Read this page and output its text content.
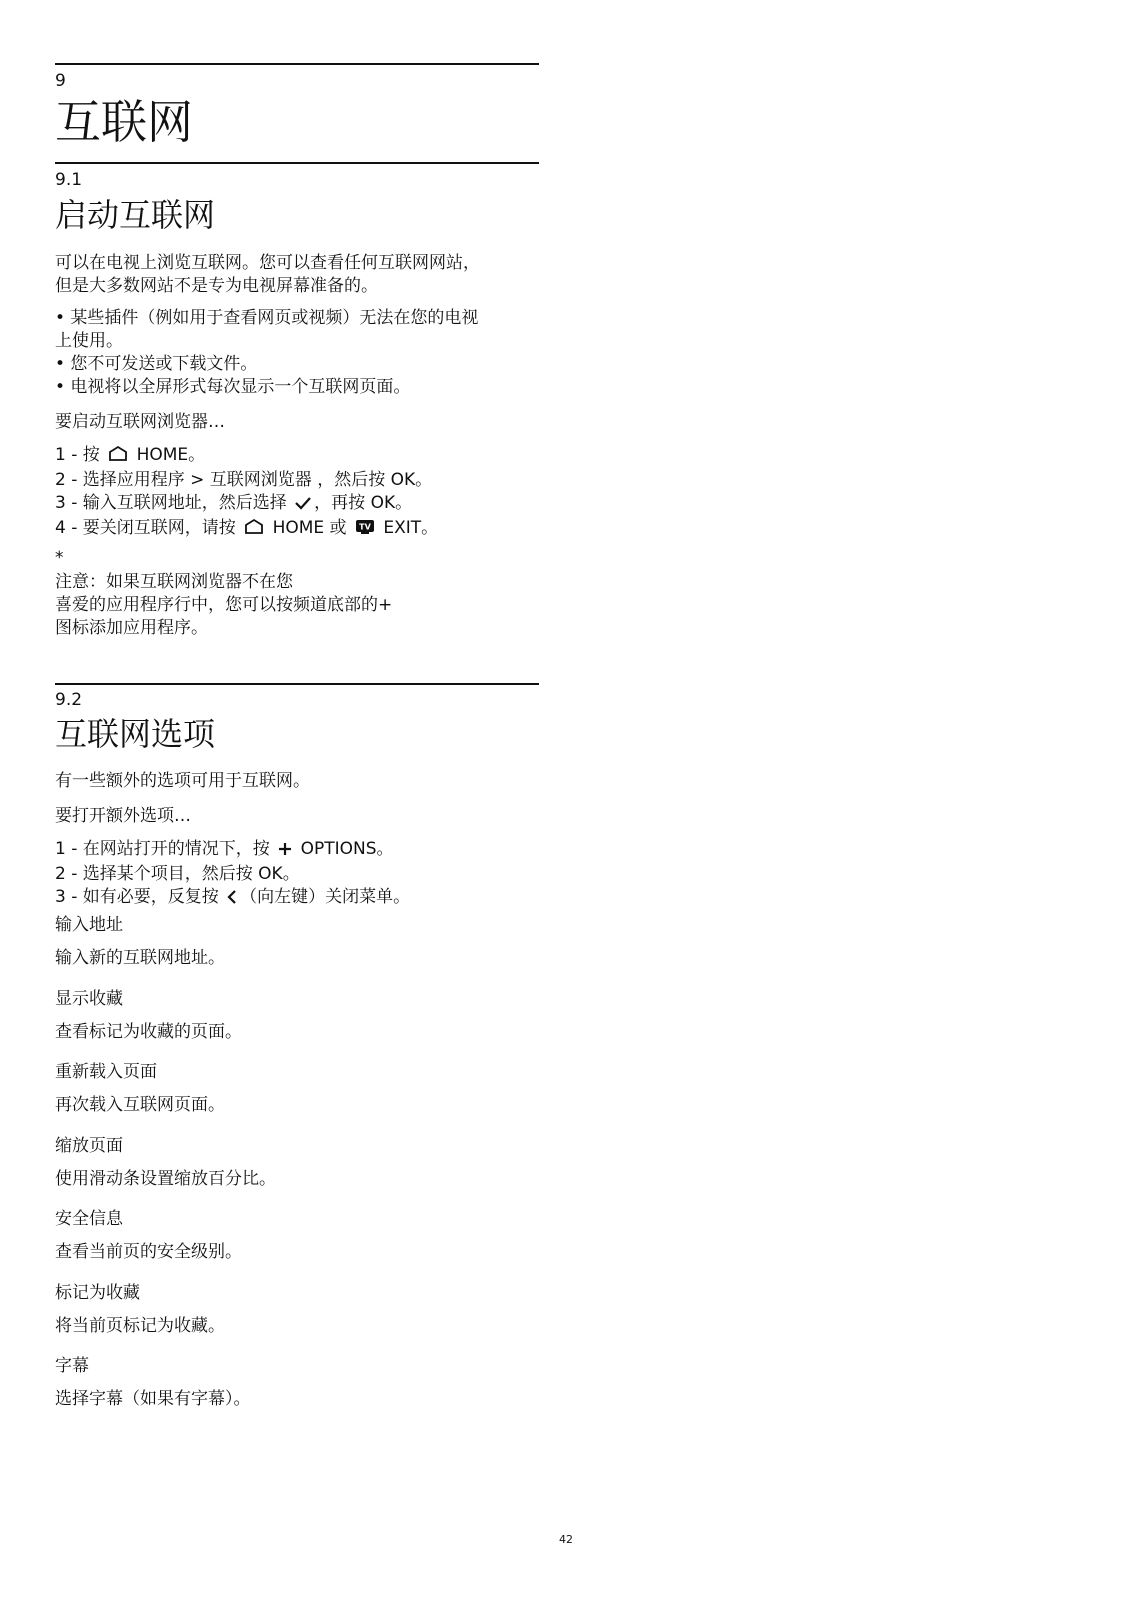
9
互联网
9.1
启动互联网

可以在电视上浏览互联网。您可以查看任何互联网网站，
但是大多数网站不是专为电视屏幕准备的。

• 某些插件（例如用于查看网页或视频）无法在您的电视
上使用。

• 您不可发送或下载文件。

• 电视将以全屏形式每次显示一个互联网页面。

要启动互联网浏览器…

1 - 按  HOME。

2 - 选择应用程序 > 互联网浏览器 ，然后按 OK。

3 - 输入互联网地址，然后选择 ，再按 OK。

4 - 要关闭互联网，请按  HOME 或 TV EXIT。

*

注意：如果互联网浏览器不在您
喜爱的应用程序行中，您可以按频道底部的+
图标添加应用程序。

9.2
互联网选项

有一些额外的选项可用于互联网。

要打开额外选项…

1 - 在网站打开的情况下，按  OPTIONS。

2 - 选择某个项目，然后按 OK。

3 - 如有必要，反复按 （向左键）关闭菜单。

输入地址

输入新的互联网地址。

显示收藏

查看标记为收藏的页面。

重新载入页面

再次载入互联网页面。

缩放页面

使用滑动条设置缩放百分比。

安全信息

查看当前页的安全级别。

标记为收藏

将当前页标记为收藏。

字幕

选择字幕（如果有字幕）。

42
